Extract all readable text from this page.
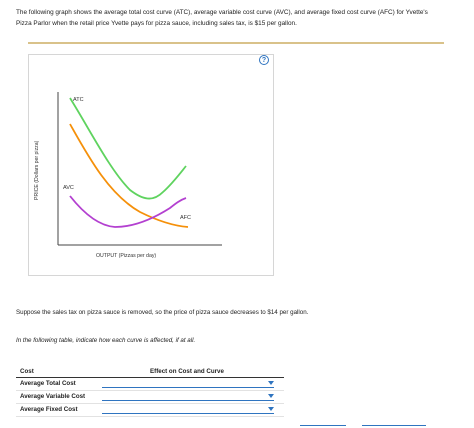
The following graph shows the average total cost curve (ATC), average variable cost curve (AVC), and average fixed cost curve (AFC) for Yvette's
Pizza Parlor when the retail price Yvette pays for pizza sauce, including sales tax, is $15 per gallon.
?
ATC
AVC
AFC
PRICE (Dollars per pizza)
OUTPUT (Pizzas per day)
Suppose the sales tax on pizza sauce is removed, so the price of pizza sauce decreases to $14 per gallon.
In the following table, indicate how each curve is affected, if at all.
Cost	Effect on Cost and Curve
Average Total Cost
Average Variable Cost
Average Fixed Cost
